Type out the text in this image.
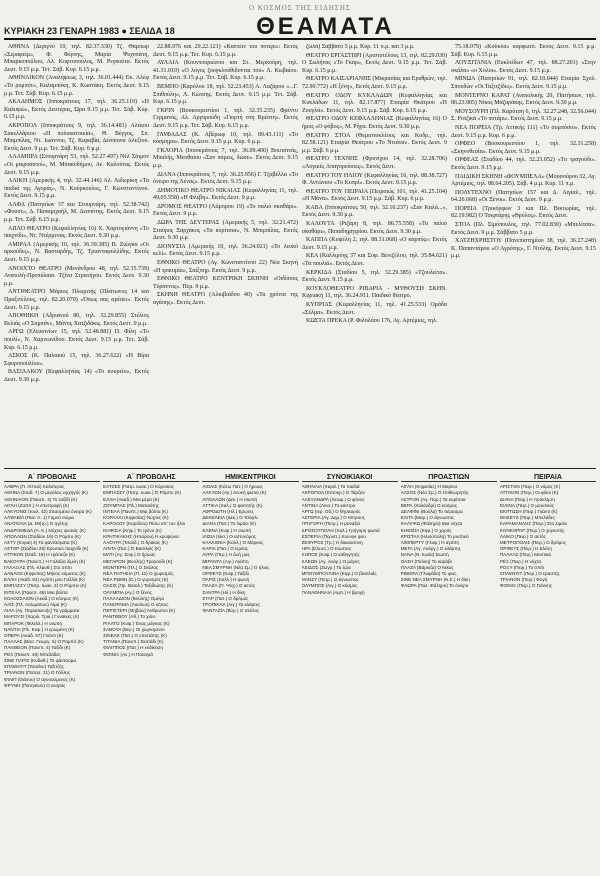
Ο ΚΟΣΜΟΣ ΤΗΣ ΕΙΔΗΣΗΣ
ΚΥΡΙΑΚΗ 23 ΓΕΝΑΡΗ 1983 ● ΣΕΛΙΔΑ 18	ΘΕΑΜΑΤΑ

ΑΘΗΝΑ (Δεριγνύ 10, τηλ. 82.37.330) Τζ. Θάμπωρ «Σεραφείμ», Φ. Φέρτης, Μαρία Ψυχοπάτη, Μπαρκοπούλου, Αλ. Κοφτοπούλος, Μ. Ρεγκούτα. Εκτός Δευτ. 9.15 μ.μ. Τετ. Σάβ. Κυρ. 6.15 μ.μ.

ΑΘΗΝΑΙΚΟΝ (Αναλήψεως 3, τηλ. 36.01.444) Εκ. Αλέφ «Το ρομπότ», Καλαμπόκη, Κ. Κωστάκη. Εκτός Δευτ. 9.15 μ.μ. Τετ. Σάβ. Κυρ. 6.15 μ.μ.

ΑΚΑΔΗΜΟΣ (Ιπποκράτους 17, τηλ. 36.25.119) «Η Καλυψώ», Εκτός Δευτέρας, Ώρα 9.15 μ.μ. Τετ. Σάβ. Κυρ. 6.15 μ.μ.

ΑΚΡΟΠΟΛ (Ιπποκράτους 9, τηλ. 36.14.481) Αλέκου Σακελλάριου «Η πολυκατοικία», Θ. Βέγγος, Σπ. Μπιμπίλας, Ντ. Ιωάννου, Τζ. Καραβία, Δέσποινα Αλεξίου. Εκτός Δευτ. 9 μ.μ. Τετ. Σάβ. Κυρ. 6 μ.μ.

ΑΛΑΜΠΡΑ (Στουρνάρη 53, τηλ. 52.27.497) Νέλ Σάιμον «Οι μικροαστοί», Μ. Μπακοδήμου, Αν. Καλούτας. Εκτός Δευτ. 9.15 μ.μ.

ΑΛΙΚΗ (Αμερικής 4, τηλ. 32.44.146) Αλ. Λιδωρίκη «Τα παιδιά της Αγοράς», Ν. Κούρκουλος, Γ. Κωνσταντίνου. Εκτός Δευτ. 9.15 μ.μ.

ΑΛΦΑ (Πατησίων 37 και Στουρνάρη, τηλ. 52.38.742) «Φουστ», Δ. Παπαμιχαήλ, Μ. Δεσπότης. Εκτός Δευτ. 9.15 μ.μ. Τετ. Σάβ. 6.15 μ.μ.

ΑΠΛΟ ΘΕΑΤΡΟ (Κεφαλληνίας 16) Χ. Χαρτογιάννη «Το παιχνίδι», Ντ. Ντέρμενας. Εκτός Δευτ. 9.30 μ.μ.

ΑΜΙΡΑΛ (Αμερικής 10, τηλ. 36.39.385) Β. Ζιώγκα «Οι αρκούδες», Ν. Βασταρδής, Τζ. Τριανταφυλλίδης. Εκτός Δευτ. 9.15 μ.μ.

ΑΝΟΙΧΤΟ ΘΕΑΤΡΟ (Μενάνδρου 48, τηλ. 52.35.739) Ανατολή-Προπύλαια. Τζίνα Στρατήγου. Εκτός Δευτ. 9.30 μ.μ.

ΑΝΤΙΘΕΑΤΡΟ Μάριος Πλωριτής (Πλάτωνος 14 και Πραξιτέλους, τηλ. 82.20.070) «Όπως σας αρέσει». Εκτός Δευτ. 9.15 μ.μ.

ΑΠΟΘΗΚΗ (Αδριανού 80, τηλ. 32.29.855) Στέλιος Βελιάς «Ο Σαμπάν», Μάνος Χατζιδάκις. Εκτός Δευτ. 9 μ.μ.

ΑΡΓΩ (Ελευσινίων 15, τηλ. 52.48.881) Π. Φίλη «Το πουλί», Ν. Χαριτωνίδου. Εκτός Δευτ. 9.15 μ.μ. Τετ. Σάβ. Κυρ. 6.15 μ.μ.

ΑΣΚΟΣ (Κ. Παλαιού 15, τηλ. 36.27.622) «Η Βίρα Σφυροπουλίου».

ΒΑΣΙΛΑΚΟΥ (Κεφαλληνίας 14) «Το κουρείο», Εκτός Δευτ. 9.30 μ.μ.

22.88.976 και 29.22.121) «Καπτέιν του ποτέρι»: Εκτός Δευτ. 9.15 μ.μ. Τετ. Κυρ. 6.15 μ.μ.

ΑΥΛΑΙΑ (Κουντουριώτου και Στ. Μερκούρη, τηλ. 41.31.010) «Ο λόγος ζουγκλούθιδονται του» Λ. Κωβαίου. Εκτός Δευτ. 9.15 μ.μ. Τετ. Σάβ. Κυρ. 6.15 μ.μ.

ΒΕΜΠΟ (Καρόλου 18, τηλ. 52.23.453) Α. Λαζάρου «...Γ. Σπιθούλη», Λ. Κώτσης. Εκτός Δευτ. 9.15 μ.μ. Τετ. Σάβ. Κυρ. 6.15 μ.μ.

ΓΚΡΙΝ (Βουκουρεστίου 1, τηλ. 32.35.235) Φρέντυ Γερμανός, Αλ. Αργυρούδη «Γιορτή στη Βρέστη». Εκτός Δευτ. 9.15 μ.μ. Τετ. Σάβ. Κυρ. 6.15 μ.μ.

ΓΛΥΦΑΔΑΣ (Κ. Αβέρωφ 10, τηλ. 89.43.111) «Το κόσμημα». Εκτός Δευτ. 9.15 μ.μ. Κυρ. 6 μ.μ.

ΓΚΛΟΡΙΑ (Ιπποκράτους 7, τηλ. 36.09.400) Βουτσινάς, Μπαλής, Ματθαίου «Σαν πάρεις, δώσε». Εκτός Δευτ. 9.15 μ.μ.

ΔΙΑΝΑ (Ιπποκράτους 7, τηλ. 36.25.956) Γ. Τζαβέλλα «Το όνειρο της Λένας». Εκτός Δευτ. 9.15 μ.μ.

ΔΗΜΟΤΙΚΟ ΘΕΑΤΡΟ ΝΙΚΑΙΑΣ (Κεφαλληνίας 11, τηλ. 49.05.558) «Η Φλέβη». Εκτός Δευτ. 9 μ.μ.

ΔΡΟΜΟΣ ΘΕΑΤΡΟ (Λάμπρου 19) «Το παλιό σκαθάρι». Εκτός Δευτ. 9 μ.μ.

ΔΩΡΑ ΤΗΣ ΔΕΥΤΕΡΑΣ (Αμερικής 5, τηλ. 32.21.472) Σταύρος Ξαρχάκος «Τα κορίτσια», Ν. Μπιμπίλας. Εκτός Δευτ. 9.30 μ.μ.

ΔΙΟΝΥΣΙΑ (Αμερικής 10, τηλ. 36.24.021) «Το λευκό κελί». Εκτός Δευτ. 9.15 μ.μ.

ΕΘΝΙΚΟ ΘΕΑΤΡΟ (Αγ. Κωνσταντίνου 22) Νέα Σκηνή «Η τρικυμία», Σαίξπηρ. Εκτός Δευτ. 9 μ.μ.

ΕΘΝΙΚΟ ΘΕΑΤΡΟ ΚΕΝΤΡΙΚΗ ΣΚΗΝΗ «Οιδίπους Τύραννος». Πεμ. 9 μ.μ.

ΣΚΗΝΗ ΘΕΑΤΡΟ (Αλκιβιάδου 40) «Τα χρόνια της αγάπης». Εκτός Δευτ.

ζωλά) Σάββατο 5 μ.μ. Κυρ. 11 π.μ. και 3 μ.μ.

ΘΕΑΤΡΟ ΕΡΓΑΣΤΗΡΙ (Αριστοτέλους 13, τηλ. 82.29.030) Ο Σωλήνας «Το Γκαρ», Εκτός Δευτ. 9.15 μ.μ. Τετ. Σάβ. Κυρ. 6.15 μ.μ.

ΘΕΑΤΡΟ ΚΑΙΣΑΡΙΑΝΗΣ (Μικρασίας και Ερυθρών, τηλ. 72.90.772) «Η ξένη», Εκτός Δευτ. 9.15 μ.μ.

ΘΕΑΤΡΟ ΟΔΟΥ ΚΥΚΛΑΔΩΝ (Κεφαλληνίας και Κυκλάδων 11, τηλ. 82.17.877) Εταιρία Θεάτρου «Η Ζουγλά». Εκτός Δευτ. 9.15 μ.μ. Σάβ. Κυρ. 6.15 μ.μ.

ΘΕΑΤΡΟ ΟΔΟΥ ΚΕΦΑΛΛΗΝΙΑΣ (Κεφαλληνίας 16) Ο ήμος «Ο φόβος», Μ. Ρήγα. Εκτός Δευτ. 9.30 μ.μ.

ΘΕΑΤΡΟ ΣΤΟΑ (Θεμιστοκλέους και Κοδρ., τηλ. 82.58.121) Εταιρία Θεάτρου «Το Ντιάνα». Εκτός Δευτ. 9 μ.μ. Σάβ. 6 μ.μ.

ΘΕΑΤΡΟ ΤΕΧΝΗΣ (Φρυνίχου 14, τηλ. 32.28.706) «Λογικές Απαγορεύσεις». Εκτός Δευτ.

ΘΕΑΤΡΟ ΤΟΥ ΗΛΙΟΥ (Κεφαλληνίας 16, τηλ. 88.38.727) Φ. Αντώνιου «Το Κυπρί». Εκτός Δευτ. 9.15 μ.μ.

ΘΕΑΤΡΟ ΤΟΥ ΠΕΙΡΑΙΑ (Πειραιώς 101, τηλ. 41.25.104) «Η Μάνα». Εκτός Δευτ. 9.15 μ.μ. Σάβ. Κυρ. 6 μ.μ.

ΚΑΒΑ (Ιπποκράτους 50, τηλ. 32.10.237) «Σαν Καλά...», Εκτός Δευτ. 9.30 μ.μ.

ΚΑΛΟΥΤΑ (Ριζάρη 8, τηλ. 86.75.558) «Το παλιό σκαθάρι», Παπαδημητρίου. Εκτός Δευτ. 9.30 μ.μ.

ΚΑΠΠΑ (Κυψέλη 2, τηλ. 88.31.068) «Ο καρπός»: Εκτός Δευτ. 9.15 μ.μ.

ΚΕΑ (Καλλιρόης 37 και Σοφ. Βενιζέλου, τηλ. 35.84.621) «Τα πουλιά». Εκτός Δευτ.

ΚΕΡΚΙΔΑ (Σταδίου 5, τηλ. 32.29.385) «Τζουλιέτα». Εκτός Δευτ. 9.15 μ.μ.

ΚΟΥΚΛΟΘΕΑΤΡΟ ΡΙΒΑΡΙΑ - ΜΥΘΟΥΣΗ ΣΚΗΝ. Κυριακή 11, τηλ. 36.24.911. Παιδικό θέατρο.

ΚΥΠΡΙΑΣ (Κεφαλληνίας 11, τηλ. 41.25.533) Ομάδα «Σέλμα». Εκτός Δευτ.

ΚΩΣΤΑ ΠΡΕΚΑ (Ρ. Φιλολάου 176, Αγ. Αρτέμιος, τηλ.

75.18.079) «Κούκλα» καρφωτό. Εκτός Δευτ. 9.15 μ.μ. Σάβ. Κυρ. 6.15 μ.μ.

ΛΟΥΞΙΤΑΝΙΑ (Ευκλείδων 47, τηλ. 88.27.201) «Στην σκάλα» «ο Χολοι». Εκτός Δευτ. 9.15 μ.μ.

ΜΙΝΩΑ (Πατησίων 91, τηλ. 82.10.044) Εταιρία Σχολ. Σπουδών «Οι Ταξιτζίδες». Εκτός Δευτ. 9.15 μ.μ.

ΜΟΝΤΕΡΝΟ ΚΑΡΑΤ (Ανατολικής 20, Πατήσιων, τηλ. 86.23.905) Νίκος Μαζαράκης. Εκτός Δευτ. 9.30 μ.μ.

ΜΟΥΣΟΥΡΗ (Πλ. Καρύτση 6, τηλ. 32.27.248, 32.56.044) Σ. Ροτζικά «Το ποτάμι». Εκτός Δευτ. 9.15 μ.μ.

ΝΕΑ ΠΟΡΕΙΑ (Τρ. Αττικής 111) «Το συμπόσιο». Εκτός Δευτ. 9.15 μ.μ. Κυρ. 6 μ.μ.

ΟΡΦΕΟ (Βουκουρεστίου 1, τηλ. 32.31.258) «Σκηνοθεσία». Εκτός Δευτ. 9.15 μ.μ.

ΟΡΦΕΑΣ (Σταδίου 44, τηλ. 32.23.052) «Το τραγούδι». Εκτός Δευτ. 9.15 μ.μ.

ΠΑΙΔΙΚΗ ΣΚΗΝΗ «ΦΟΥΜΠΕΛΑ» (Μουσούρου 32, Αγ. Αρτέμιος, τηλ. 88.64.205). Σάβ. 4 μ.μ. Κυρ. 11 π.μ.

ΠΟΛΥΤΕΧΝΟ (Πατησίων 157 και Δ. Αιγιαλ., τηλ. 64.26.668) «Οι Ξένοι». Εκτός Δευτ. 9 μ.μ.

ΠΟΡΕΙΑ (Τρικόρφων 3 και Πλ. Βικτωρίας, τηλ. 82.19.982) Ο Τσιφτάρης «Θρύλος». Εκτός Δευτ.

ΣΤΟΑ (Πλ. Σιμόπουλος, τηλ. 77.02.830) «Μπελίτσα». Εκτός Δευτ. 9 μ.μ. Σάββατο 5 μ.μ.

ΧΑΤΖΗΧΡΗΣΤΟΥ (Πανεπιστημίου 38, τηλ. 36.27.248) Κ. Παπαντάρου «Ο Αγρότης», Γ. Ντόλης. Εκτός Δευτ. 9.15 μ.μ.

Α΄ ΠΡΟΒΟΛΗΣ
ΑΑΒΡΑ (Π. Ιππού) Καλύτερος
ΑΘΗΝΑ (Σταδ. 7) Ο μεγάλος αρχηγός (Κ)
ΑΘΗΝΑΙΟΝ (Πανεπ. 4) Το ταξίδι (Κ)
ΑΙΓΛΗ (Ζαππ.) Η επιστροφή (Κ)
ΑΛΚΥΟΝΙΣ (Ιουλ. 42) Σπασμένα όνειρα (Κ)
ΑΛΦΑΒΙΛ (Παν. Λ. 1) Γυμνό σώμα
ΑΝΑΤΟΛΙΑ (Δ. Μήτρ.) Ο ηγέτης
ΑΝΔΡΟΜΕΔΑ (Α. Κ.) Νύχτες φωτιάς (Κ)
ΑΠΟΛΛΩΝ (Σταδίου 19) Ο Ρόμπυ (Κ)
ΑΣΤΥ (Κοραή 4) Τα φαντάσματα (Κ)
ΑΣΤΟΡ (Σταδίου 28) Ερωτικό παιχνίδι (Κ)
ΑΤΤΙΚΟΝ (Σταδ. 19) Η τράπεζα (Κ)
ΒΑΚΟΥΡΑ (Πανεπ.) Η Γαλάζια λίμνη (Κ)
ΓΑΛΑΞΙΑΣ (Πλ. Κλαυθ.) Στο σπίτι
ΔΑΝΑΟΣ (Κηφισίας) Μήκος κύματος (Κ)
ΕΛΛΗ (Ακαδ. 64) Αγάπη μου Γαλλία (Κ)
ΕΜΠΑΣΣΥ (Πατρ. Ιωακ. 2) Ο Ρόμπιν (Κ)
ΙΝΤΕΑΛ (Πανεπ. 46) Μια βόλτα
ΚΟΛΟΣΣΑΙΟΝ (Ακαδ.) Ο κόσμος (Κ)
ΛΑΙΣ (Πλ. Ασωμάτων) Αίμα (Κ)
ΛΙΛΑ (Αγ. Παρασκευής) Τα γράμματα
ΜΑΡΟΥΣΙ (Χαριλ. Τρικ.) Γυναίκες (Κ)
ΜΠΑΡΟΚ (Φιλελλ.) Η σιωπή
ΝΑΝΤΙΑ (Πλ. Κυψ.) Η ερωμένη (Κ)
ΟΠΕΡΑ (Ακαδ. 57) Γκάντι (Κ)
ΠΑΛΛΑΣ (Βασ. Γεωργ. 5) Ο Ραμπό (Κ)
ΠΑΝΘΕΟΝ (Πανεπ. 4) Ταξίδι (Κ)
ΡΕΞ (Πανεπ. 48) Μπελάδες
ΣΙΝΕ ΠΑΡΙΣ (Κυδαθ.) Το φάντασμα
ΣΠΛΕΝΤΙΤ (Τατοΐου) Ταξιτζής
ΤΡΙΑΝΟΝ (Πατησ. 21) Ο Γάλλος
ΦΙΛΙΠ (Θάσου) Ο αγνοούμενος (Κ)
ΦΡΥΝΗ (Πατησίων) Ο νεαρός
Α΄ ΠΡΟΒΟΛΗΣ
ΕΑΤΖΕΣ (Πατρ. Ιωακ.) Ο Κόρσικος
ΕΜΠΑΣΣΥ (Πατρ. Ιωακ.) Ο Ρόμπυ (Κ)
ΕΛΛΗ (Ακαδ.) Μια μέρα (Κ)
ΖΟΥΜΠΑΣ (Πλ.) Ματαιότης
ΙΝΤΕΑΛ (Πανεπ.) Μια βόλτα (Κ)
ΚΟΡΑΛΛΙ (Κηφισίας) Νύχτες (Κ)
ΚΑΡΟΛΟΥ (Καρόλου) Πίσω απ' τον ήλιο
ΚΗΦΙΣΙΑ (Κηφ.) Το τρένο (Κ)
ΚΡΗΤΙΚΑΚΗΣ (Ηπείρου) Η κρυψώνα
ΛΑΟΥΡΑ (Τσαλδ.) Ο δράκος (Κ)
ΛΙΝΤΑ (Πατ.) Ο Βασιλιάς (Κ)
ΜΑΤΙ (Αγ. Σοφ.) Ο ήρωας
ΜΕΓΑΡΟΝ (Βουλής) Τραγούδι (Κ)
ΜΟΝΤΕΡΝ (Πλ.) Ο Σκύλος
ΝΕΑ ΠΑΤΗΣΙΑ (Π. 11) Ο χωρισμός
ΝΕΑ ΡΩΜΗ (Ε.) Ο γυρισμός (Κ)
ΟΑΣΙΣ (Πρ. Βασιλ.) Ταξιδιώτης (Κ)
ΟΛΥΜΠΙΑ (Αγ.) Ο ξένος
ΠΑΛΛΑΔΙΟΝ (Βουλής) Ομέγα
ΠΑΝΟΡΑΜΑ (Λιοσίων) Ο κήπος
ΠΕΡΙΣΤΕΡΙ (Θηβών) Άνθρωποι (Κ)
ΡΑΝΤΕΒΟΥ (Αθ.) Το χιόνι
ΡΙΑΛΤΟ (Κυψ.) Ένας μάγκας (Κ)
ΣΑΒΟΥΑ (Βερ.) Οι χωρισμένοι
ΣΙΝΕΑΚ (Πατ.) Ο επιστάτης (Κ)
ΤΙΤΑΝΙΑ (Πανεπ.) Σκοτάδι (Κ)
ΦΙΛΙΠΠΟΣ (Πατ.) Η εκδίκηση
ΦΟΙΝΙΞ (Αν.) Η Παναγιά
ΗΜΙΚΕΝΤΡΙΚΟΙ
ΑΙΟΛΙΣ (Κάτω Πατ.) Ο ήρωας
ΑΛΚΥΩΝ (Αγ.) Λευκή φωτιά (Κ)
ΑΠΟΛΛΩΝ (Δεκ.) Η σιωπή
ΑΤΤΙΚΑ (Χαλ.) Ο φοιτητής (Κ)
ΑΦΡΟΔΙΤΗ (Ηλ.) Ερωτες
ΔΕΚΕΛΕΙΑ (Δεκ.) Ο Τσάρλι
ΔΙΑΝΑ (Πατ.) Το λιμάνι (Κ)
ΕΛΕΝΑ (Κυψ.) Η σιωπή
ΙΛΙΣΙΑ (Ιλισ.) Ο αστυνόμος
ΚΑΛΛΙΘΕΑ (Καλλ.) Ο Μάρκος
ΚΑΡΙΑ (Πατ.) Ο Ιερέας
ΛΥΡΑ (Περ.) Η ζωή μας
ΜΙΡΑΝΤΑ (Αιγ.) Αγάπη
ΝΕΑ ΣΜΥΡΝΗ (Νέα Σμ.) Ο ήλιος
ΟΡΦΕΥΣ (Κυψ.) Ταξίδι
ΠΑΡΙΣ (Καλλ.) Η φωνή
ΠΛΑΖΑ (Π. Ψυχ.) Ο αετός
ΣΑΝΤΡΑ (Ηλ.) Η δίκη
ΣΤΑΡ (Πατ.) Ο δρόμος
ΤΡΟΠΙΚΑΛ (Αιγ.) Οι κλέφτες
ΦΑΝΤΑΖΙΑ (Βύρ.) Ο σκύλος
ΣΥΝΟΙΚΙΑΚΟΙ
ΑΘΗΝΑΙΑ (Χαριλ.) Τα παιδιά
ΑΚΡΟΠΟΛ (Ιπποκρ.) Ο Τάρζαν
ΑΛΕΞΑΝΔΡΑ (Λεωφ.) Ο φόνος
ΑΝΤΙΝΑ (Λιοσ.) Το κάστρο
ΑΡΓΩ (Ιερ. Οδ.) Ο θησαυρός
ΑΣΤΕΡΙΑ (Αγ. Δημ.) Ο Μπρους
ΓΡΗΓΟΡΗ (Πετρ.) Η μοναξιά
ΔΡΟΣΟΥΠΟΛΗ (Χαλ.) Γρήγορη φωτιά
ΕΣΠΕΡΙΑ (Περιστ.) Κουνγκ φου
ΖΕΦΥΡΟΣ (Τρ.) Η δικαιοσύνη
ΗΡΑ (Ελευσ.) Ο Κώστας
ΚΗΠΟΣ (Κυψ.) Ο καθηγητής
ΚΛΕΩΝ (Αγ. Ανάρ.) Ο μάγος
ΛΕΙΔΟΣ (Ζωγρ.) Τα ζώα
ΜΠΟΥΜΠΟΥΛΙΝΑ (Κηφ.) Ο βασιλιάς
ΝΑΝΣΥ (Πετρ.) Ο άγνωστος
ΟΛΥΜΠΟΣ (Αιγ.) Ο κόσμος
ΠΑΝΑΘΗΝΑΙΑ (Αμπ.) Η βροχή
ΠΡΟΑΣΤΙΩΝ
ΑΙΓΛΗ (Κηφισίας) Η Μαρίνα
ΑΛΣΟΣ (Νέα Σμ.) Ο επιθεωρητής
ΑΣΤΡΟΝ (Αγ. Παρ.) Τα κορίτσια
ΒΕΡΑ (Χαλάνδρι) Ο κόσμος
ΔΕΛΦΙΝΙ (Βούλα) Το πέρασμα
ΕΛΙΤΑ (Μαρ.) Ο άγνωστος
ΚΑΛΥΨΩ (Φάληρο) Μια νύχτα
ΚΗΦΙΣΙΑ (Κηφ.) Ο χορός
ΚΡΙΣΤΑΛ (Ηλιούπολη) Το μυστικό
ΛΙΜΠΕΡΤΥ (Γλυφ.) Η αγάπη
ΜΕΓΑ (Αγ. Ανάργ.) Ο κλέφτης
ΝΑΝΑ (Ν. Ιωνία) Σιωπή
ΟΑΣΗ (Πεύκη) Το καράβι
ΠΛΑΖΑ (Βάρκιζα) Ο Νίκος
ΡΙΒΙΕΡΑ (Γλυφάδα) Το φως
ΣΙΝΕ ΝΕΑ ΣΜΥΡΝΗ (Ν.Σ.) Η δίκη
ΦΛΩΡΑ (Παλ. Φάληρο) Το όνειρο
ΠΕΙΡΑΙΑ
ΑΡΙΣΤΟΝ (Πειρ.) Ο νόμος (Κ)
ΑΤΤΙΚΟΝ (Πειρ.) Οι φίλοι (Κ)
ΔΙΑΝΑ (Πειρ.) Η πρόκληση
ΕΙΛΙΝΑ (Πειρ.) Ο μουσικός
ΕΚΠΤΩΣΗ (Πειρ.) Γκάντι (Κ)
ΘΗΣΕΥΣ (Πειρ.) Μπελάδες
ΚΑΡΑΜΑΝΛΗΣ (Πειρ.) Στο λιμάνι
ΚΟΝΚΟΡΝΤ (Πειρ.) Ο χορευτής
ΛΑΙΚΟ (Πειρ.) Ο αετός
ΜΕΤΡΟΠΟΛΙΣ (Πειρ.) Ο δρόμος
ΟΡΦΕΥΣ (Πειρ.) Η Ελένη
ΠΑΛΛΑΣ (Πειρ.) Μυστικά
ΡΕΞ (Πειρ.) Η νύχτα
ΡΟΞΥ (Πειρ.) Το σπίτι
ΣΠΛΕΝΤΙΤ (Πειρ.) Ο εραστής
ΤΡΙΑΝΟΝ (Πειρ.) Φυγή
ΦΟΙΝΙΞ (Πειρ.) Ο Γιάννης
